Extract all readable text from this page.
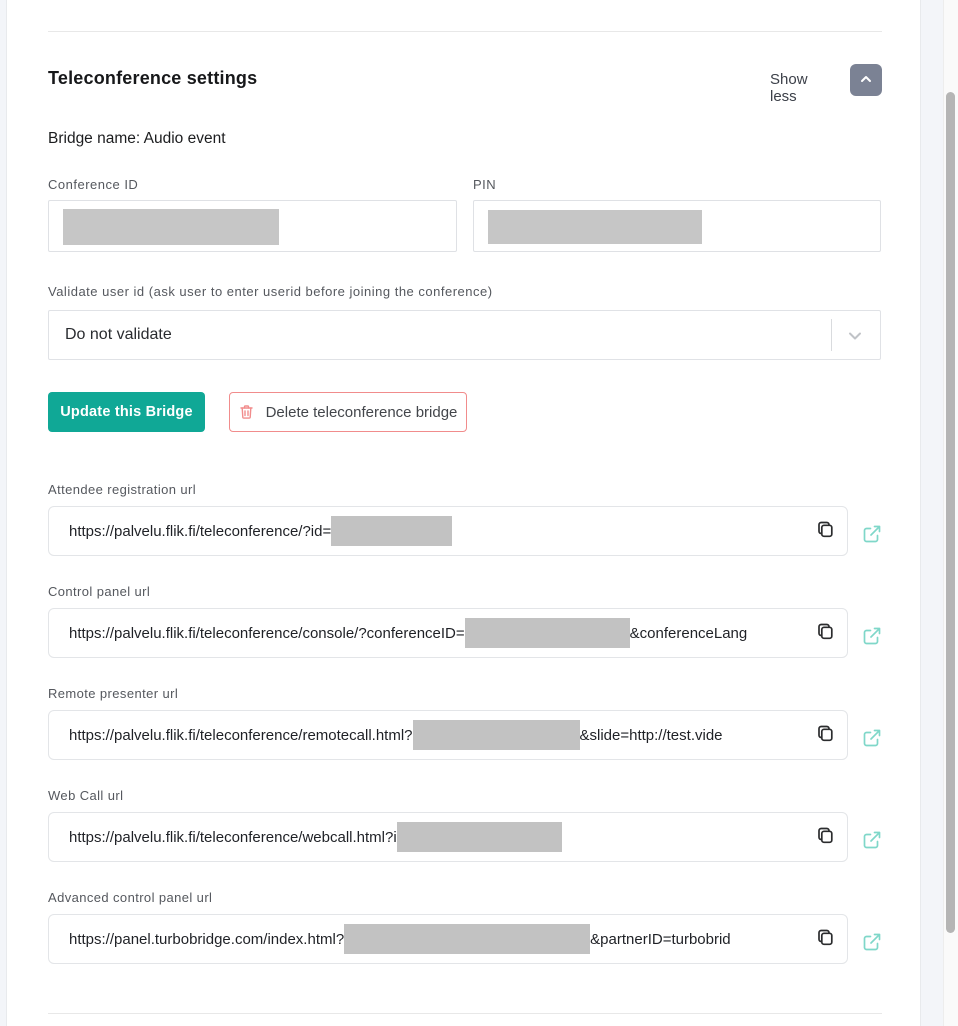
Teleconference settings	Show less
Bridge name: Audio event
Conference ID	PIN
Validate user id (ask user to enter userid before joining the conference)
Do not validate
Update this Bridge	Delete teleconference bridge
Attendee registration url
https://palvelu.flik.fi/teleconference/?id=
Control panel url
https://palvelu.flik.fi/teleconference/console/?conferenceID=	&conferenceLang
Remote presenter url
https://palvelu.flik.fi/teleconference/remotecall.html?	&slide=http://test.vide
Web Call url
https://palvelu.flik.fi/teleconference/webcall.html?i
Advanced control panel url
https://panel.turbobridge.com/index.html?	&partnerID=turbobrid
